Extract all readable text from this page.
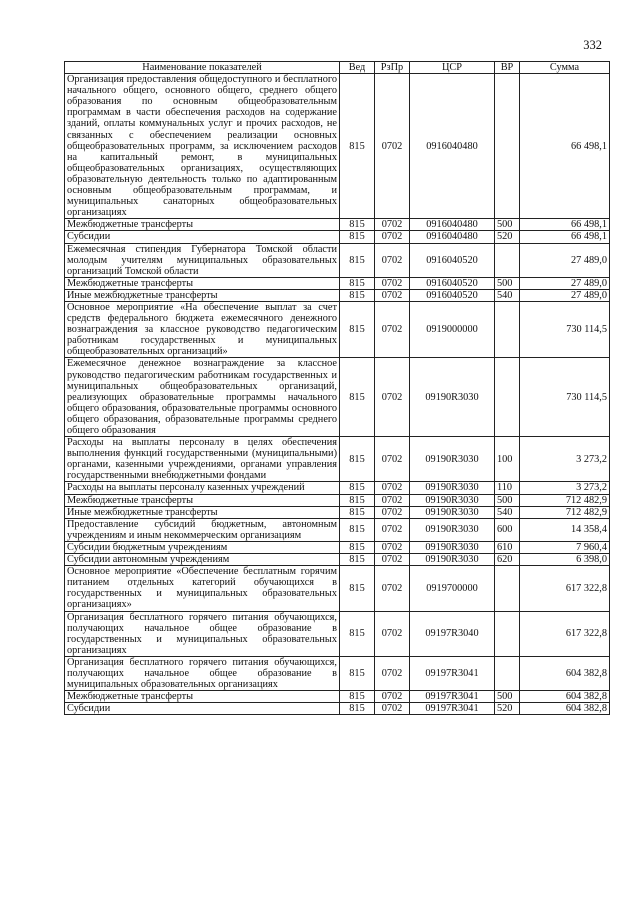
332
Наименование показателей	Вед	РзПр	ЦСР	ВР	Сумма
Организация предоставления общедоступного и бесплатного начального общего, основного общего, среднего общего образования по основным общеобразовательным программам в части обеспечения расходов на содержание зданий, оплаты коммунальных услуг и прочих расходов, не связанных с обеспечением реализации основных общеобразовательных программ, за исключением расходов на капитальный ремонт, в муниципальных общеобразовательных организациях, осуществляющих образовательную деятельность только по адаптированным основным общеобразовательным программам, и муниципальных санаторных общеобразовательных организациях	815	0702	0916040480		66 498,1
Межбюджетные трансферты	815	0702	0916040480	500	66 498,1
Субсидии	815	0702	0916040480	520	66 498,1
Ежемесячная стипендия Губернатора Томской области молодым учителям муниципальных образовательных организаций Томской области	815	0702	0916040520		27 489,0
Межбюджетные трансферты	815	0702	0916040520	500	27 489,0
Иные межбюджетные трансферты	815	0702	0916040520	540	27 489,0
Основное мероприятие «На обеспечение выплат за счет средств федерального бюджета ежемесячного денежного вознаграждения за классное руководство педагогическим работникам государственных и муниципальных общеобразовательных организаций»	815	0702	0919000000		730 114,5
Ежемесячное денежное вознаграждение за классное руководство педагогическим работникам государственных и муниципальных общеобразовательных организаций, реализующих образовательные программы начального общего образования, образовательные программы основного общего образования, образовательные программы среднего общего образования	815	0702	09190R3030		730 114,5
Расходы на выплаты персоналу в целях обеспечения выполнения функций государственными (муниципальными) органами, казенными учреждениями, органами управления государственными внебюджетными фондами	815	0702	09190R3030	100	3 273,2
Расходы на выплаты персоналу казенных учреждений	815	0702	09190R3030	110	3 273,2
Межбюджетные трансферты	815	0702	09190R3030	500	712 482,9
Иные межбюджетные трансферты	815	0702	09190R3030	540	712 482,9
Предоставление субсидий бюджетным, автономным учреждениям и иным некоммерческим организациям	815	0702	09190R3030	600	14 358,4
Субсидии бюджетным учреждениям	815	0702	09190R3030	610	7 960,4
Субсидии автономным учреждениям	815	0702	09190R3030	620	6 398,0
Основное мероприятие «Обеспечение бесплатным горячим питанием отдельных категорий обучающихся в государственных и муниципальных образовательных организациях»	815	0702	0919700000		617 322,8
Организация бесплатного горячего питания обучающихся, получающих начальное общее образование в государственных и муниципальных образовательных организациях	815	0702	09197R3040		617 322,8
Организация бесплатного горячего питания обучающихся, получающих начальное общее образование в муниципальных образовательных организациях	815	0702	09197R3041		604 382,8
Межбюджетные трансферты	815	0702	09197R3041	500	604 382,8
Субсидии	815	0702	09197R3041	520	604 382,8
